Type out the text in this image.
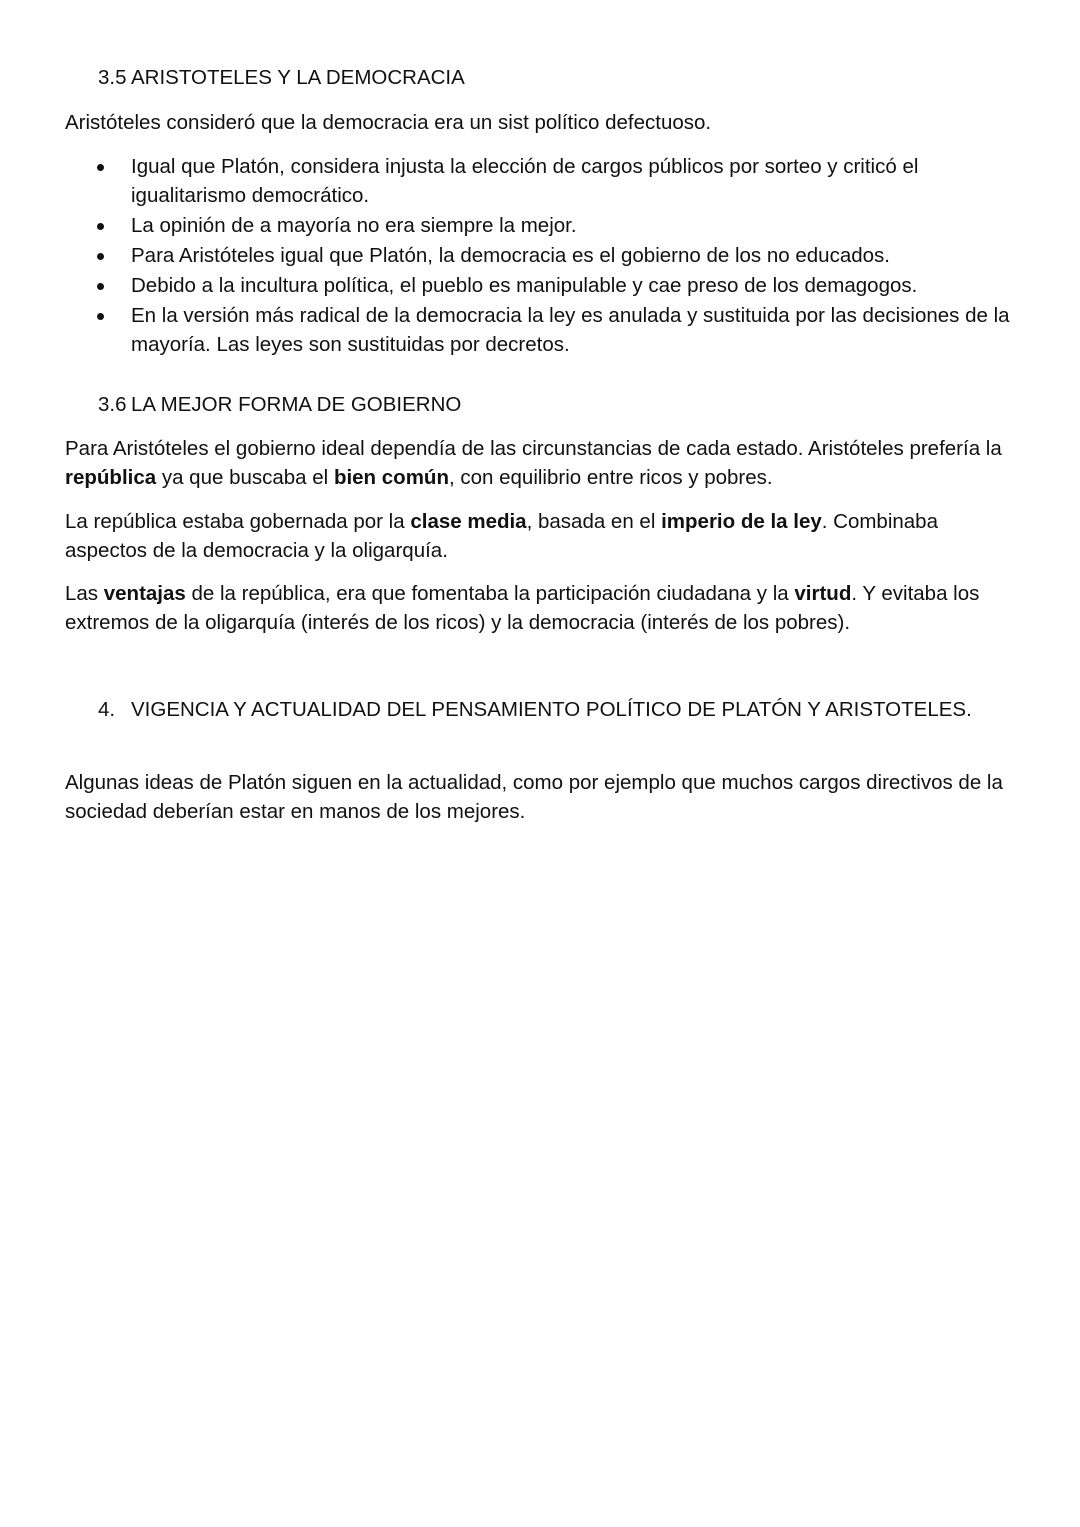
3.5 ARISTOTELES Y LA DEMOCRACIA

Aristóteles consideró que la democracia era un sist político defectuoso.

Igual que Platón, considera injusta la elección de cargos públicos por sorteo y criticó el igualitarismo democrático.
La opinión de a mayoría no era siempre la mejor.
Para Aristóteles igual que Platón, la democracia es el gobierno de los no educados.
Debido a la incultura política, el pueblo es manipulable y cae preso de los demagogos.
En la versión más radical de la democracia la ley es anulada y sustituida por las decisiones de la mayoría. Las leyes son sustituidas por decretos.
3.6 LA MEJOR FORMA DE GOBIERNO

Para Aristóteles el gobierno ideal dependía de las circunstancias de cada estado. Aristóteles prefería la república ya que buscaba el bien común, con equilibrio entre ricos y pobres.

La república estaba gobernada por la clase media, basada en el imperio de la ley. Combinaba aspectos de la democracia y la oligarquía.

Las ventajas de la república, era que fomentaba la participación ciudadana y la virtud. Y evitaba los extremos de la oligarquía (interés de los ricos) y la democracia (interés de los pobres).

4. VIGENCIA Y ACTUALIDAD DEL PENSAMIENTO POLÍTICO DE PLATÓN Y ARISTOTELES.

Algunas ideas de Platón siguen en la actualidad, como por ejemplo que muchos cargos directivos de la sociedad deberían estar en manos de los mejores.
